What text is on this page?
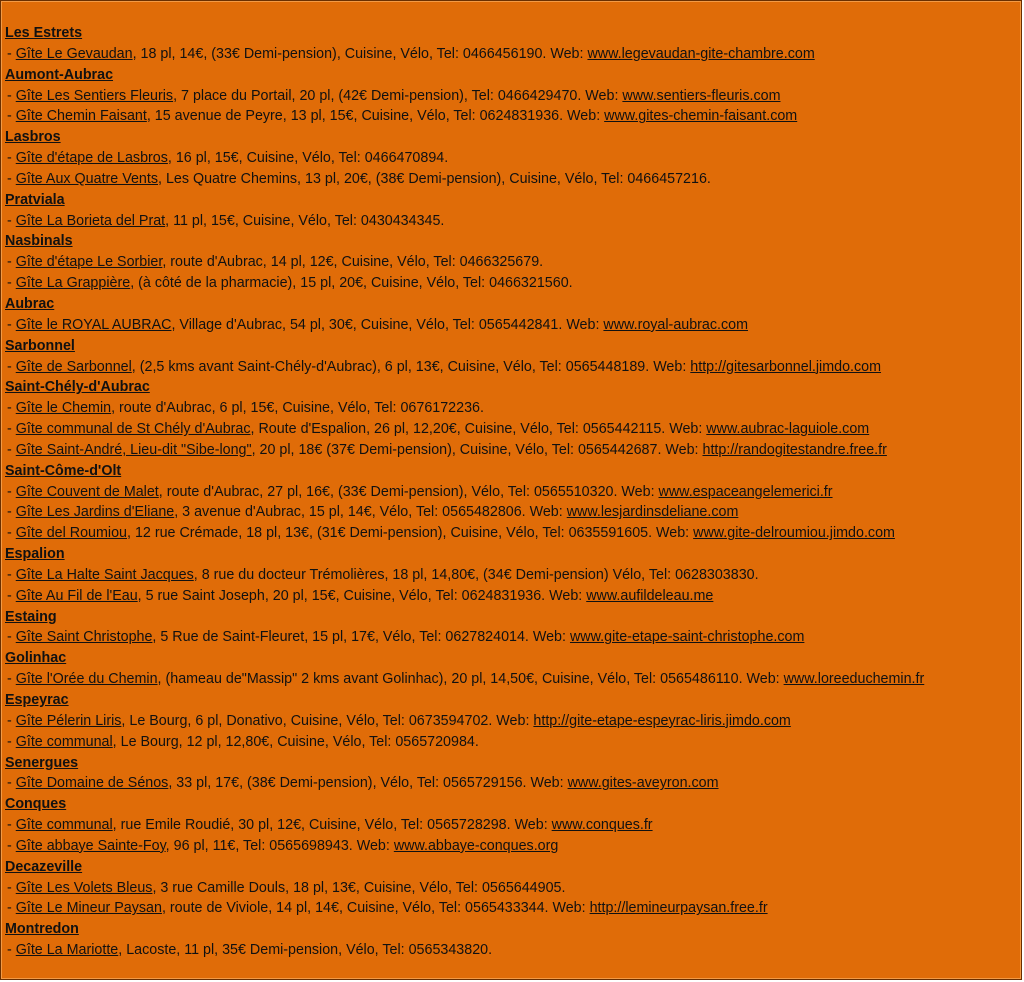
Les Estrets
- Gîte Le Gevaudan, 18 pl, 14€, (33€ Demi-pension), Cuisine, Vélo, Tel: 0466456190. Web: www.legevaudan-gite-chambre.com
Aumont-Aubrac
- Gîte Les Sentiers Fleuris, 7 place du Portail, 20 pl, (42€ Demi-pension), Tel: 0466429470. Web: www.sentiers-fleuris.com
- Gîte Chemin Faisant, 15 avenue de Peyre, 13 pl, 15€, Cuisine, Vélo, Tel: 0624831936. Web: www.gites-chemin-faisant.com
Lasbros
- Gîte d'étape de Lasbros, 16 pl, 15€, Cuisine, Vélo, Tel: 0466470894.
- Gîte Aux Quatre Vents, Les Quatre Chemins, 13 pl, 20€, (38€ Demi-pension), Cuisine, Vélo, Tel: 0466457216.
Pratviala
- Gîte La Borieta del Prat, 11 pl, 15€, Cuisine, Vélo, Tel: 0430434345.
Nasbinals
- Gîte d'étape Le Sorbier, route d'Aubrac, 14 pl, 12€, Cuisine, Vélo, Tel: 0466325679.
- Gîte La Grappière, (à côté de la pharmacie), 15 pl, 20€, Cuisine, Vélo, Tel: 0466321560.
Aubrac
- Gîte le ROYAL AUBRAC, Village d'Aubrac, 54 pl, 30€, Cuisine, Vélo, Tel: 0565442841. Web: www.royal-aubrac.com
Sarbonnel
- Gîte de Sarbonnel, (2,5 kms avant Saint-Chély-d'Aubrac), 6 pl, 13€, Cuisine, Vélo, Tel: 0565448189. Web: http://gitesarbonnel.jimdo.com
Saint-Chély-d'Aubrac
- Gîte le Chemin, route d'Aubrac, 6 pl, 15€, Cuisine, Vélo, Tel: 0676172236.
- Gîte communal de St Chély d'Aubrac, Route d'Espalion, 26 pl, 12,20€, Cuisine, Vélo, Tel: 0565442115. Web: www.aubrac-laguiole.com
- Gîte Saint-André, Lieu-dit "Sibe-long", 20 pl, 18€ (37€ Demi-pension), Cuisine, Vélo, Tel: 0565442687. Web: http://randogitestandre.free.fr
Saint-Côme-d'Olt
- Gîte Couvent de Malet, route d'Aubrac, 27 pl, 16€, (33€ Demi-pension), Vélo, Tel: 0565510320. Web: www.espaceangelemerici.fr
- Gîte Les Jardins d'Eliane, 3 avenue d'Aubrac, 15 pl, 14€, Vélo, Tel: 0565482806. Web: www.lesjardinsdeliane.com
- Gîte del Roumiou, 12 rue Crémade, 18 pl, 13€, (31€ Demi-pension), Cuisine, Vélo, Tel: 0635591605. Web: www.gite-delroumiou.jimdo.com
Espalion
- Gîte La Halte Saint Jacques, 8 rue du docteur Trémolières, 18 pl, 14,80€, (34€ Demi-pension) Vélo, Tel: 0628303830.
- Gîte Au Fil de l'Eau, 5 rue Saint Joseph, 20 pl, 15€, Cuisine, Vélo, Tel: 0624831936. Web: www.aufildeleau.me
Estaing
- Gîte Saint Christophe, 5 Rue de Saint-Fleuret, 15 pl, 17€, Vélo, Tel: 0627824014. Web: www.gite-etape-saint-christophe.com
Golinhac
- Gîte l'Orée du Chemin, (hameau de"Massip" 2 kms avant Golinhac), 20 pl, 14,50€, Cuisine, Vélo, Tel: 0565486110. Web: www.loreeduchemin.fr
Espeyrac
- Gîte Pélerin Liris, Le Bourg, 6 pl, Donativo, Cuisine, Vélo, Tel: 0673594702. Web: http://gite-etape-espeyrac-liris.jimdo.com
- Gîte communal, Le Bourg, 12 pl, 12,80€, Cuisine, Vélo, Tel: 0565720984.
Senergues
- Gîte Domaine de Sénos, 33 pl, 17€, (38€ Demi-pension), Vélo, Tel: 0565729156. Web: www.gites-aveyron.com
Conques
- Gîte communal, rue Emile Roudié, 30 pl, 12€, Cuisine, Vélo, Tel: 0565728298. Web: www.conques.fr
- Gîte abbaye Sainte-Foy, 96 pl, 11€, Tel: 0565698943. Web: www.abbaye-conques.org
Decazeville
- Gîte Les Volets Bleus, 3 rue Camille Douls, 18 pl, 13€, Cuisine, Vélo, Tel: 0565644905.
- Gîte Le Mineur Paysan, route de Viviole, 14 pl, 14€, Cuisine, Vélo, Tel: 0565433344. Web: http://lemineurpaysan.free.fr
Montredon
- Gîte La Mariotte, Lacoste, 11 pl, 35€ Demi-pension, Vélo, Tel: 0565343820.
